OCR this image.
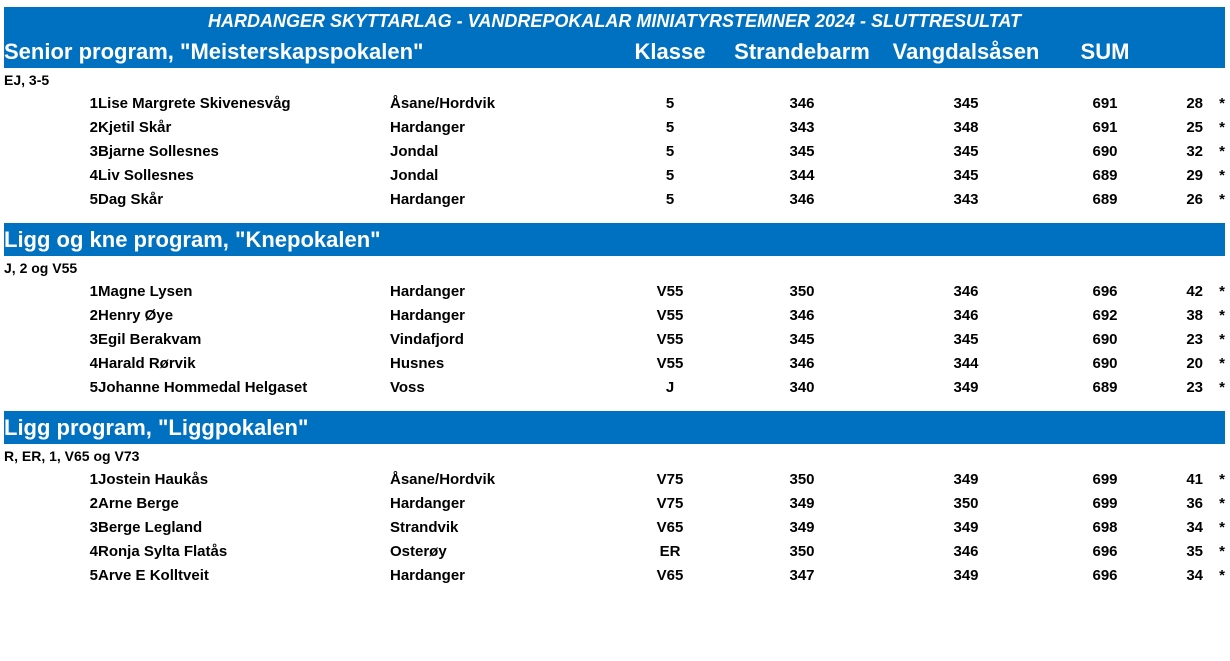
HARDANGER SKYTTARLAG - VANDREPOKALAR MINIATYRSTEMNER 2024 - SLUTTRESULTAT							
Senior program, "Meisterskapspokalen"			Klasse	Strandebarm	Vangdalsåsen	SUM	
EJ, 3-5							
1	Lise Margrete Skivenesvåg	Åsane/Hordvik	5	346	345	691	28 *
2	Kjetil Skår	Hardanger	5	343	348	691	25 *
3	Bjarne Sollesnes	Jondal	5	345	345	690	32 *
4	Liv Sollesnes	Jondal	5	344	345	689	29 *
5	Dag Skår	Hardanger	5	346	343	689	26 *

Ligg og kne program, "Knepokalen"							
J, 2 og V55							
1	Magne Lysen	Hardanger	V55	350	346	696	42 *
2	Henry Øye	Hardanger	V55	346	346	692	38 *
3	Egil Berakvam	Vindafjord	V55	345	345	690	23 *
4	Harald Rørvik	Husnes	V55	346	344	690	20 *
5	Johanne Hommedal Helgaset	Voss	J	340	349	689	23 *

Ligg program, "Liggpokalen"							
R, ER, 1, V65 og V73							
1	Jostein Haukås	Åsane/Hordvik	V75	350	349	699	41 *
2	Arne Berge	Hardanger	V75	349	350	699	36 *
3	Berge Legland	Strandvik	V65	349	349	698	34 *
4	Ronja Sylta Flatås	Osterøy	ER	350	346	696	35 *
5	Arve E Kolltveit	Hardanger	V65	347	349	696	34 *
